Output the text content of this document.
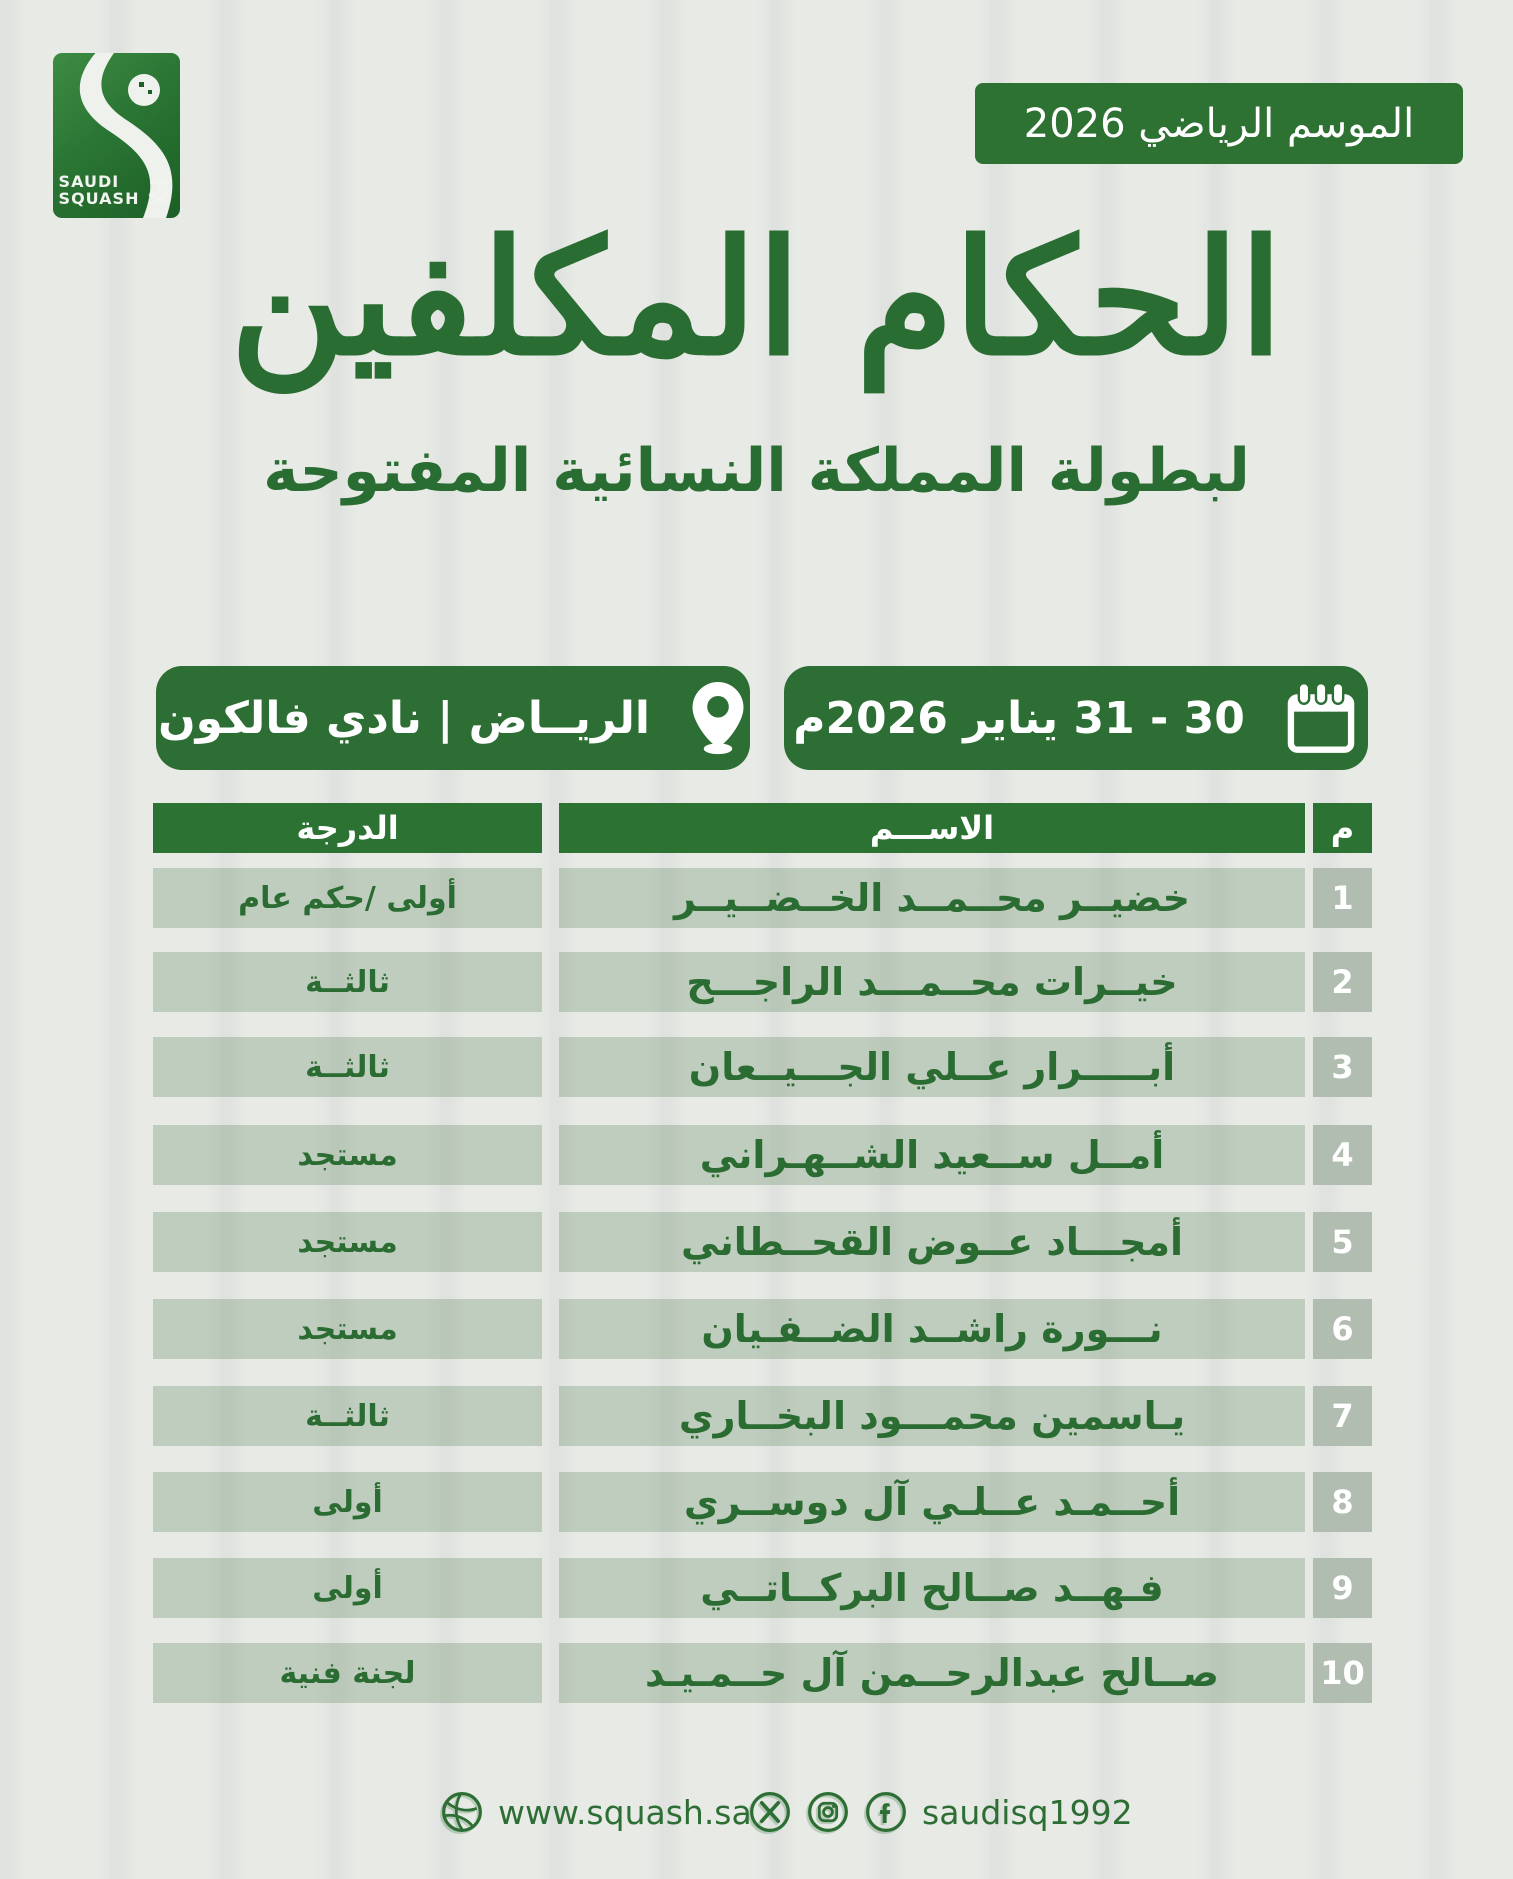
SAUDI
SQUASH
الموسم الرياضي 2026
الحكام المكلفين
لبطولة المملكة النسائية المفتوحة
30 - 31 يناير 2026م
الريــاض | نادي فالكون
م
الاســـم
الدرجة
1
خضيــر محــمــد الخــضــيــر
أولى /حكم عام
2
خيــرات محــمـــد الراجـــح
ثالثــة
3
أبـــــرار عــلي الجـــيــعان
ثالثــة
4
أمــل ســعيد الشــهـراني
مستجد
5
أمجـــاد عــوض القحــطاني
مستجد
6
نـــورة راشــد الضــفـيان
مستجد
7
يـاسمين محمـــود البخــاري
ثالثــة
8
أحــمـد عــلـي آل دوســري
أولى
9
فـهــد صــالح البركــاتــي
أولى
10
صــالح عبدالرحــمن آل حــمـيـد
لجنة فنية
www.squash.sa	saudisq1992
